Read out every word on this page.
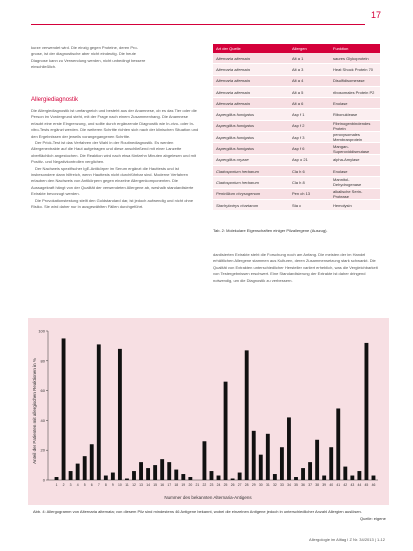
17
kurze verwendet wird. Die einzig gegen Proteine, deren Pro-
gnose, ist der diagnostische aber nicht eindeutig. Die heute
Diagnose kann zu Verwendung werden, nicht unbedingt bessere
einschließlich.
Allergiediagnostik

Die Allergiediagnostik ist umfangreich und besteht aus der Anamnese, ob es das Tier oder die Person im Vordergrund steht, mit der Frage nach einem Zusammenhang. Die Anamnese erlaubt eine erste Eingrenzung, und sollte durch ergänzende Diagnostik wie In-vivo- oder In-vitro-Tests ergänzt werden. Die weiteren Schritte richten sich nach der klinischen Situation und den Ergebnissen der jeweils vorangegangenen Schritte.

Der Prick-Test ist das Verfahren der Wahl in der Routinediagnostik. Es werden Allergenextrakte auf die Haut aufgetragen und diese anschließend mit einer Lanzette oberflächlich angestochen. Die Reaktion wird nach etwa fünfzehn Minuten abgelesen und mit Positiv- und Negativkontrollen verglichen.

Der Nachweis spezifischer IgE-Antikörper im Serum ergänzt die Hauttests und ist insbesondere dann hilfreich, wenn Hauttests nicht durchführbar sind. Moderne Verfahren erlauben den Nachweis von Antikörpern gegen einzelne Allergenkomponenten. Die Aussagekraft hängt von der Qualität der verwendeten Allergene ab, weshalb standardisierte Extrakte bevorzugt werden.

Die Provokationstestung stellt den Goldstandard dar, ist jedoch aufwendig und nicht ohne Risiko. Sie wird daher nur in ausgewählten Fällen durchgeführt.

Art der Quelle	Allergen	Funktion
Alternaria alternata	Alt a 1	saures Glykoprotein
Alternaria alternata	Alt a 3	Heat Shock Protein 70
Alternaria alternata	Alt a 4	Disulfidisomerase
Alternaria alternata	Alt a 5	ribosomales Protein P2
Alternaria alternata	Alt a 6	Enolase
Aspergillus fumigatus	Asp f 1	Ribonuklease
Aspergillus fumigatus	Asp f 2	Fibrinogenbindendes Protein
Aspergillus fumigatus	Asp f 3	peroxysomales Membranprotein
Aspergillus fumigatus	Asp f 6	Mangan-Superoxiddismutase
Aspergillus oryzae	Asp o 21	alpha-Amylase
Cladosporium herbarum	Cla h 6	Enolase
Cladosporium herbarum	Cla h 8	Mannitol-Dehydrogenase
Penicillium chrysogenum	Pen ch 13	alkalische Serin-Protease
Stachybotrys chartarum	Sta c	Hemolysin
Tab. 2: Molekulare Eigenschaften einiger Pilzallergene (Auszug).

dardisierten Extrakte steht die Forschung noch am Anfang. Die meisten der im Handel erhältlichen Allergene stammen aus Kulturen, deren Zusammensetzung stark schwankt. Die Qualität von Extrakten unterschiedlicher Hersteller variiert erheblich, was die Vergleichbarkeit von Testergebnissen erschwert. Eine Standardisierung der Extrakte ist daher dringend notwendig, um die Diagnostik zu verbessern.

0
20
40
60
80
100
1 2 3 4 5 6 7 8 9 10 11 12 13 14 15 16 17 18 19 20 21 22 23 24 25 26 27 28 29 30 31 32 33 34 35 36 37 38 39 40 41 42 43 44 45 46
Anteil der Patienten mit allergischen Reaktionen in %
Nummer des bekannten Alternaria-Antigens
Abb. 4: Allergogramm von Alternaria alternata; von diesem Pilz sind mindestens 46 Antigene bekannt, wobei die einzelnen Antigene jedoch in unterschiedlicher Anzahl Allergien auslösen.
Quelle: eigene
Allergologie im Alltag I Z Nr. 34/2013 | 1-12
